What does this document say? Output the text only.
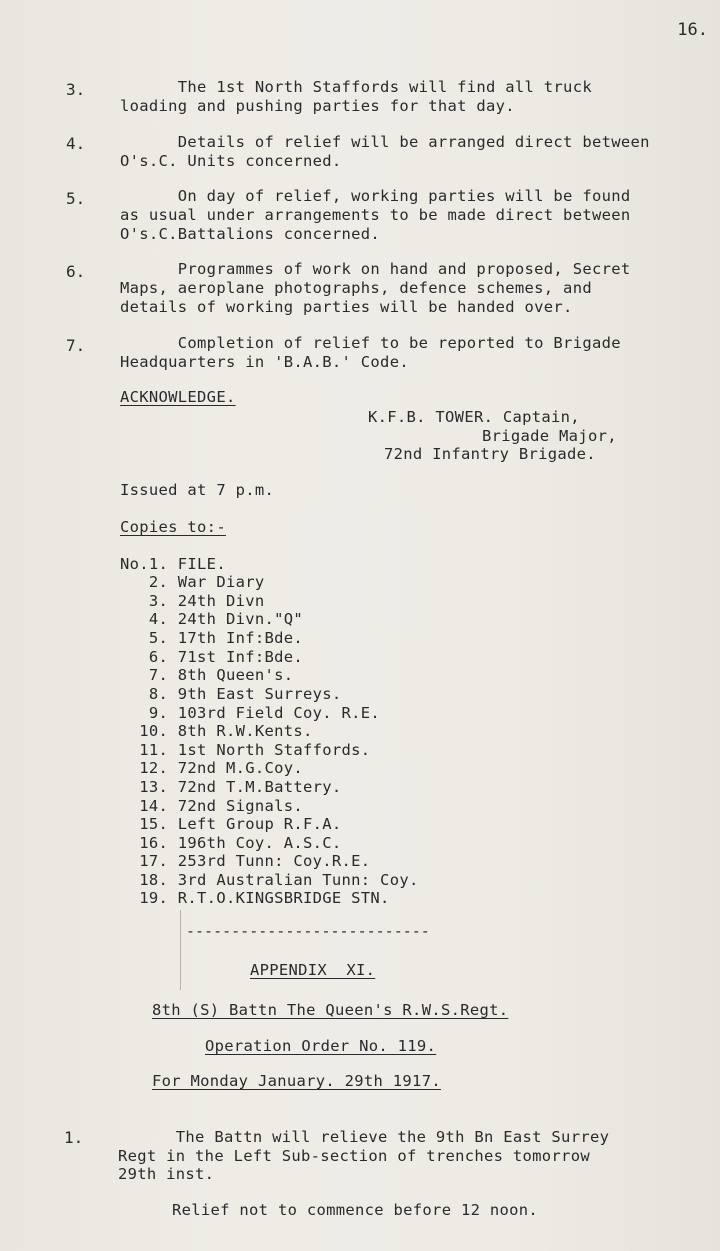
16.
3. The 1st North Staffords will find all truck
loading and pushing parties for that day.
4. Details of relief will be arranged direct between
O's.C. Units concerned.
5. On day of relief, working parties will be found
as usual under arrangements to be made direct between
O's.C.Battalions concerned.
6. Programmes of work on hand and proposed, Secret
Maps, aeroplane photographs, defence schemes, and
details of working parties will be handed over.
7. Completion of relief to be reported to Brigade
Headquarters in 'B.A.B.' Code.
ACKNOWLEDGE.
K.F.B. TOWER. Captain,
Brigade Major,
72nd Infantry Brigade.
Issued at 7 p.m.
Copies to:-
No.1. FILE.
2. War Diary
3. 24th Divn
4. 24th Divn."Q"
5. 17th Inf:Bde.
6. 71st Inf:Bde.
7. 8th Queen's.
8. 9th East Surreys.
9. 103rd Field Coy. R.E.
10. 8th R.W.Kents.
11. 1st North Staffords.
12. 72nd M.G.Coy.
13. 72nd T.M.Battery.
14. 72nd Signals.
15. Left Group R.F.A.
16. 196th Coy. A.S.C.
17. 253rd Tunn: Coy.R.E.
18. 3rd Australian Tunn: Coy.
19. R.T.O.KINGSBRIDGE STN.
---------------------------
APPENDIX  XI.
8th (S) Battn The Queen's R.W.S.Regt.
Operation Order No. 119.
For Monday January. 29th 1917.
1. The Battn will relieve the 9th Bn East Surrey
Regt in the Left Sub-section of trenches tomorrow
29th inst.
Relief not to commence before 12 noon.
